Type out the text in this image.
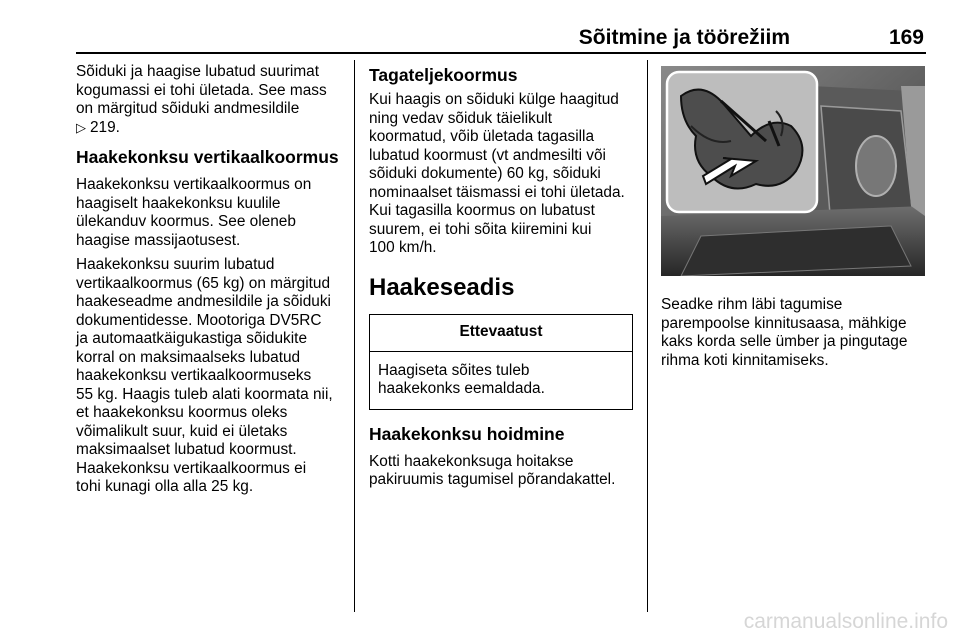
Sõitmine ja töörežiim	169

Sõiduki ja haagise lubatud suurimat
kogumassi ei tohi ületada. See mass
on märgitud sõiduki andmesildile
▷ 219.

Haakekonksu vertikaalkoormus

Haakekonksu vertikaalkoormus on
haagiselt haakekonksu kuulile
ülekanduv koormus. See oleneb
haagise massijaotusest.

Haakekonksu suurim lubatud
vertikaalkoormus (65 kg) on märgitud
haakeseadme andmesildile ja sõiduki
dokumentidesse. Mootoriga DV5RC
ja automaatkäigukastiga sõidukite
korral on maksimaalseks lubatud
haakekonksu vertikaalkoormuseks
55 kg. Haagis tuleb alati koormata nii,
et haakekonksu koormus oleks
võimalikult suur, kuid ei ületaks
maksimaalset lubatud koormust.
Haakekonksu vertikaalkoormus ei
tohi kunagi olla alla 25 kg.

Tagateljekoormus

Kui haagis on sõiduki külge haagitud
ning vedav sõiduk täielikult
koormatud, võib ületada tagasilla
lubatud koormust (vt andmesilti või
sõiduki dokumente) 60 kg, sõiduki
nominaalset täismassi ei tohi ületada.
Kui tagasilla koormus on lubatust
suurem, ei tohi sõita kiiremini kui
100 km/h.

Haakeseadis
Ettevaatust

Haagiseta sõites tuleb
haakekonks eemaldada.

Haakekonksu hoidmine

Kotti haakekonksuga hoitakse
pakiruumis tagumisel põrandakattel.

Seadke rihm läbi tagumise
parempoolse kinnitusaasa, mähkige
kaks korda selle ümber ja pingutage
rihma koti kinnitamiseks.

carmanualsonline.info
